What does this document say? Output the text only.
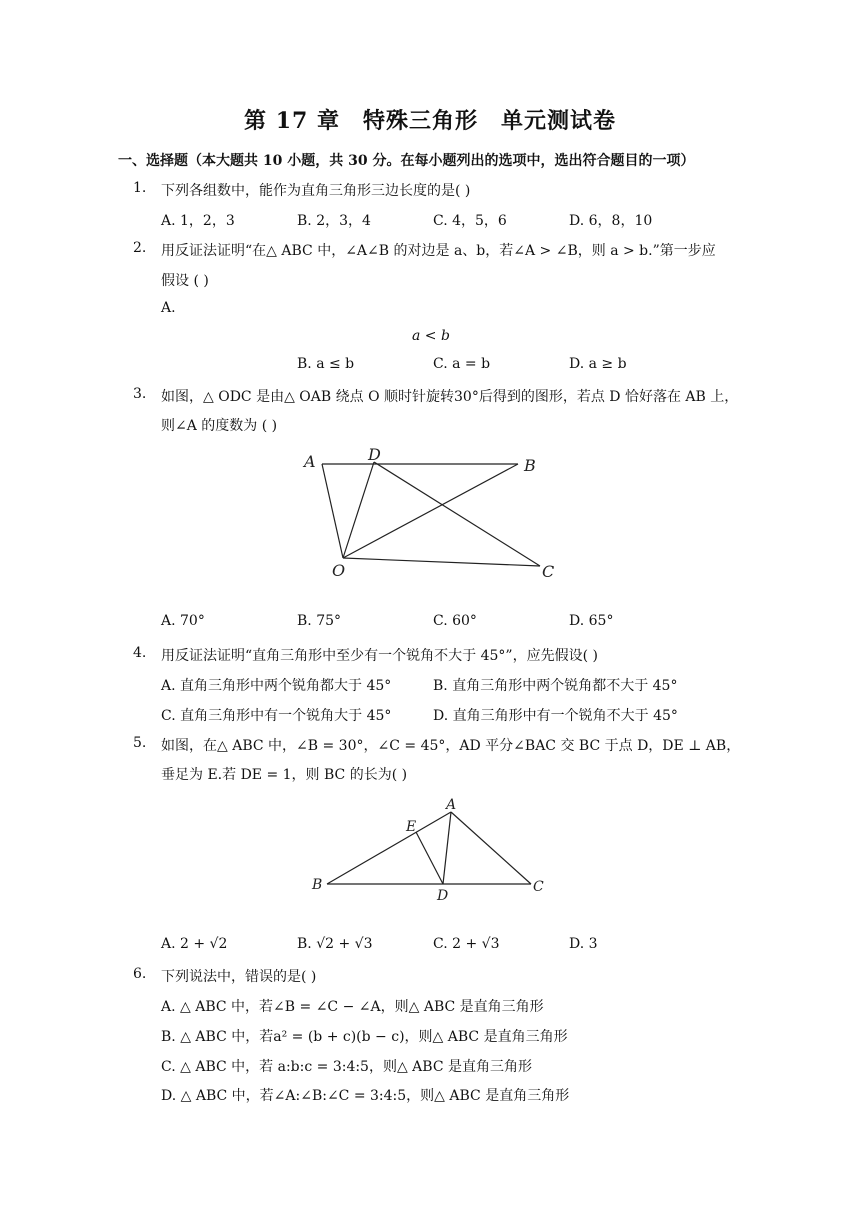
第 17 章　特殊三角形　单元测试卷
一、选择题（本大题共 10 小题，共 30 分。在每小题列出的选项中，选出符合题目的一项）
1. 下列各组数中，能作为直角三角形三边长度的是( )
A. 1，2，3	B. 2，3，4	C. 4，5，6	D. 6，8，10
2. 用反证法证明“在△ ABC 中，∠A∠B 的对边是 a、b，若∠A > ∠B，则 a > b.”第一步应
假设 ( )
A.
a < b
B. a ≤ b	C. a = b	D. a ≥ b
3. 如图，△ ODC 是由△ OAB 绕点 O 顺时针旋转30°后得到的图形，若点 D 恰好落在 AB 上，
则∠A 的度数为 ( )
A	D
B
O	C
A. 70°	B. 75°	C. 60°	D. 65°
4. 用反证法证明“直角三角形中至少有一个锐角不大于 45°”，应先假设( )
A. 直角三角形中两个锐角都大于 45°	B. 直角三角形中两个锐角都不大于 45°
C. 直角三角形中有一个锐角大于 45°	D. 直角三角形中有一个锐角不大于 45°
5. 如图，在△ ABC 中，∠B = 30°，∠C = 45°，AD 平分∠BAC 交 BC 于点 D，DE ⊥ AB，
垂足为 E.若 DE = 1，则 BC 的长为( )
A
E
B
D
C
A. 2 + √2	B. √2 + √3	C. 2 + √3	D. 3
6. 下列说法中，错误的是( )
A. △ ABC 中，若∠B = ∠C − ∠A，则△ ABC 是直角三角形
B. △ ABC 中，若a² = (b + c)(b − c)，则△ ABC 是直角三角形
C. △ ABC 中，若 a:b:c = 3:4:5，则△ ABC 是直角三角形
D. △ ABC 中，若∠A:∠B:∠C = 3:4:5，则△ ABC 是直角三角形
